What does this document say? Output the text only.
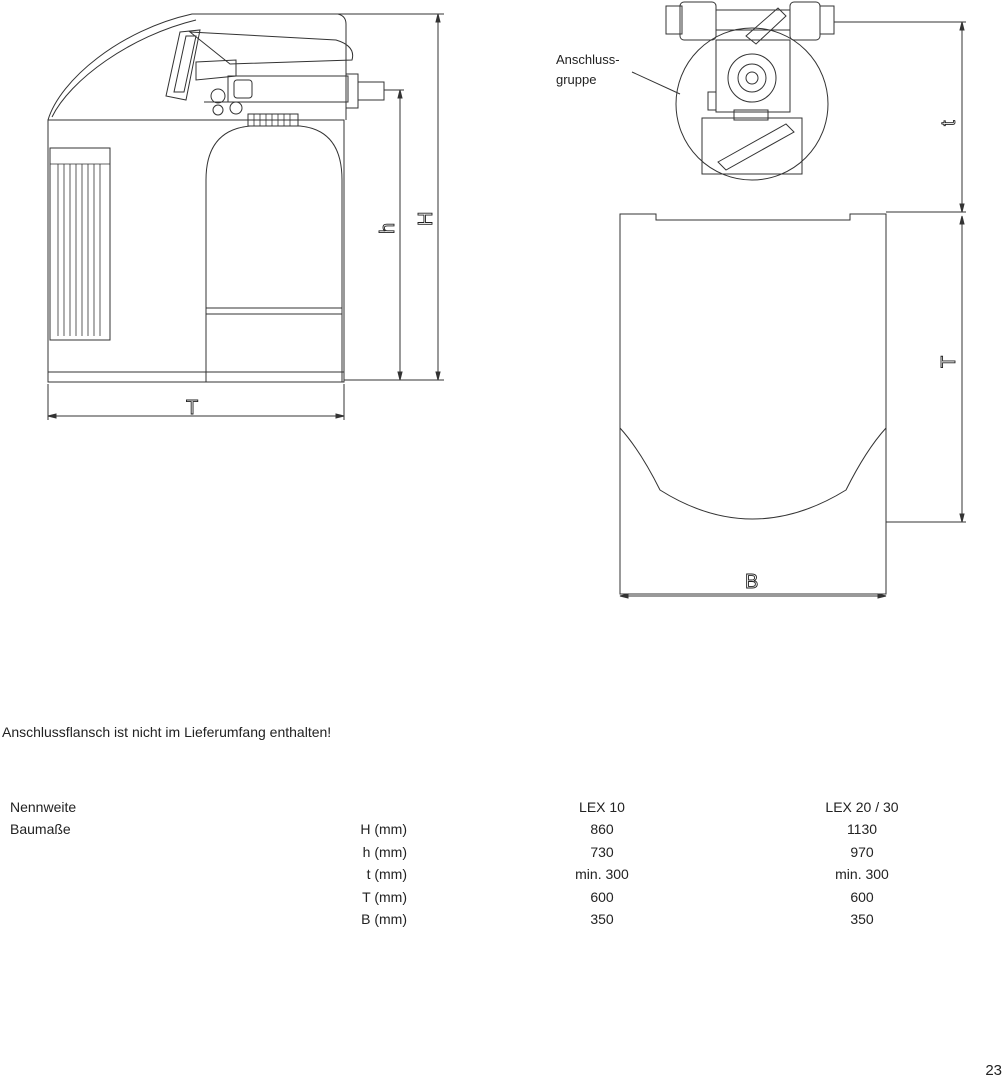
T
h
H
t
T
B
Anschluss-
gruppe
Anschlussflansch ist nicht im Lieferumfang enthalten!
Nennweite		LEX 10	LEX 20 / 30
Baumaße	H (mm)	860	1130
	h (mm)	730	970
	t (mm)	min. 300	min. 300
	T (mm)	600	600
	B (mm)	350	350
23
